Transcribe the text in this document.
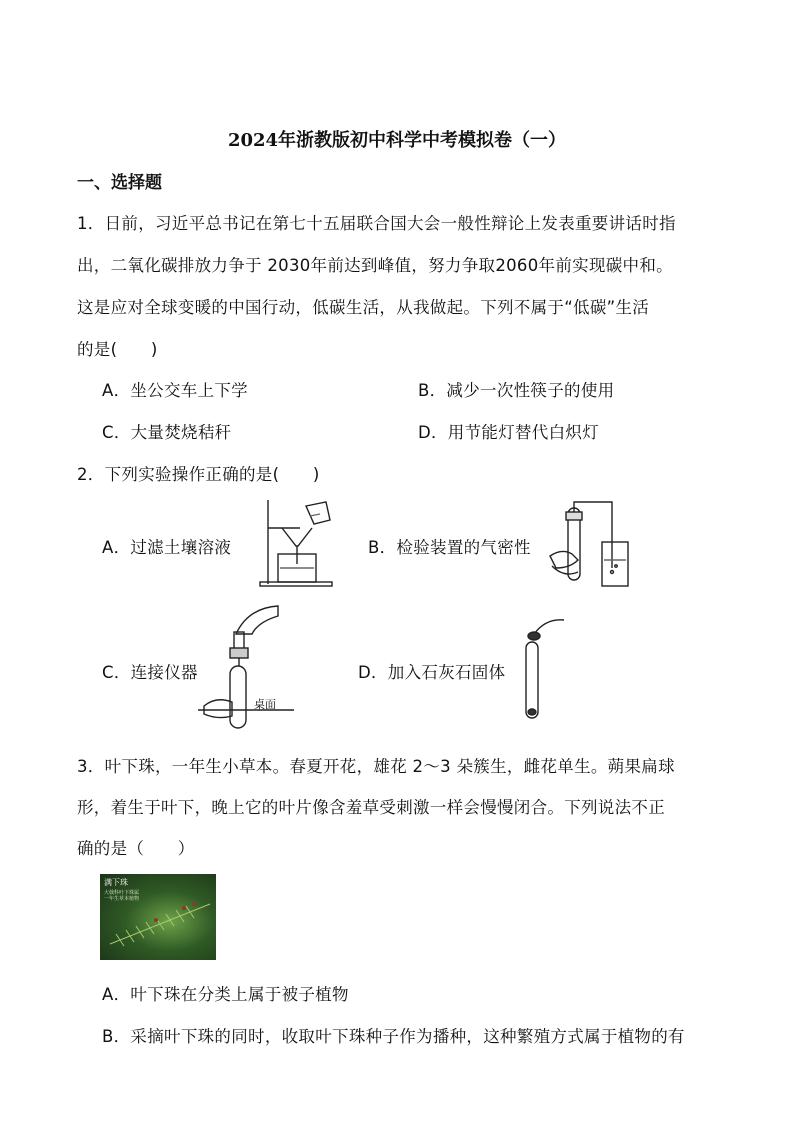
2024年浙教版初中科学中考模拟卷（一）
一、选择题
1．日前，习近平总书记在第七十五届联合国大会一般性辩论上发表重要讲话时指
出，二氧化碳排放力争于 2030年前达到峰值，努力争取2060年前实现碳中和。
这是应对全球变暖的中国行动，低碳生活，从我做起。下列不属于“低碳”生活
的是(　　)
A．坐公交车上下学	B．减少一次性筷子的使用
C．大量焚烧秸秆	D．用节能灯替代白炽灯
2．下列实验操作正确的是(　　)
A．过滤土壤溶液	B．检验装置的气密性
C．连接仪器	D．加入石灰石固体
桌面
3．叶下珠，一年生小草本。春夏开花，雄花 2～3 朵簇生，雌花单生。蒴果扁球
形，着生于叶下，晚上它的叶片像含羞草受刺激一样会慢慢闭合。下列说法不正
确的是（　　）
满下珠
大戟科叶下珠属
一年生草本植物
A．叶下珠在分类上属于被子植物
B．采摘叶下珠的同时，收取叶下珠种子作为播种，这种繁殖方式属于植物的有
